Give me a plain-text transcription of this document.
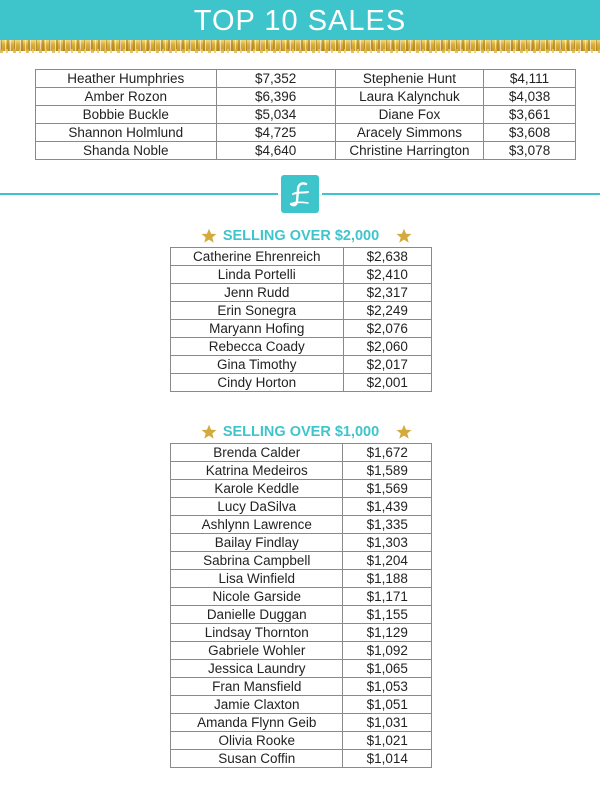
TOP 10 SALES
Heather Humphries	$7,352	Stephenie Hunt	$4,111
Amber Rozon	$6,396	Laura Kalynchuk	$4,038
Bobbie Buckle	$5,034	Diane Fox	$3,661
Shannon Holmlund	$4,725	Aracely Simmons	$3,608
Shanda Noble	$4,640	Christine Harrington	$3,078
SELLING OVER $2,000
Catherine Ehrenreich	$2,638
Linda Portelli	$2,410
Jenn Rudd	$2,317
Erin Sonegra	$2,249
Maryann Hofing	$2,076
Rebecca Coady	$2,060
Gina Timothy	$2,017
Cindy Horton	$2,001
SELLING OVER $1,000
Brenda Calder	$1,672
Katrina Medeiros	$1,589
Karole Keddle	$1,569
Lucy DaSilva	$1,439
Ashlynn Lawrence	$1,335
Bailay Findlay	$1,303
Sabrina Campbell	$1,204
Lisa Winfield	$1,188
Nicole Garside	$1,171
Danielle Duggan	$1,155
Lindsay Thornton	$1,129
Gabriele Wohler	$1,092
Jessica Laundry	$1,065
Fran Mansfield	$1,053
Jamie Claxton	$1,051
Amanda Flynn Geib	$1,031
Olivia Rooke	$1,021
Susan Coffin	$1,014
